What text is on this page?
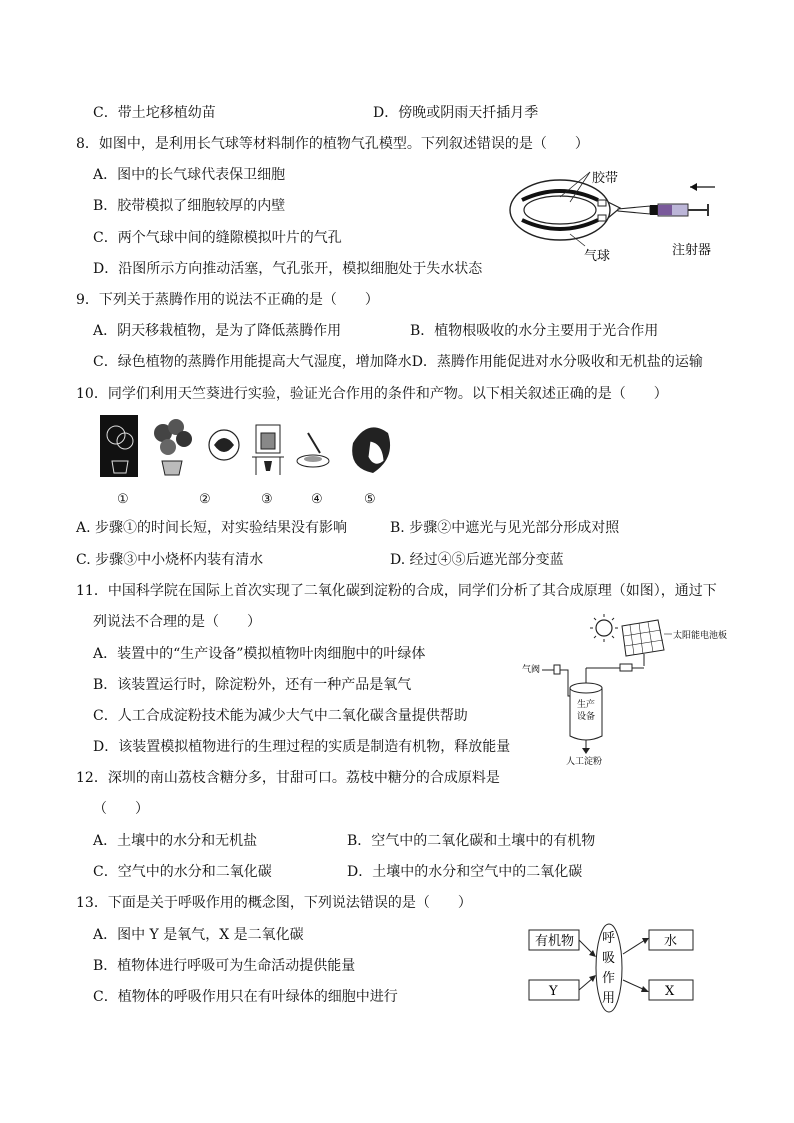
C．带土坨移植幼苗	D．傍晚或阴雨天扦插月季
8．如图中，是利用长气球等材料制作的植物气孔模型。下列叙述错误的是（　　）
A．图中的长气球代表保卫细胞
B．胶带模拟了细胞较厚的内壁
C．两个气球中间的缝隙模拟叶片的气孔
D．沿图所示方向推动活塞，气孔张开，模拟细胞处于失水状态
胶带
气球	注射器
9．下列关于蒸腾作用的说法不正确的是（　　）
A．阴天移栽植物，是为了降低蒸腾作用	B．植物根吸收的水分主要用于光合作用
C．绿色植物的蒸腾作用能提高大气湿度，增加降水D．蒸腾作用能促进对水分吸收和无机盐的运输
10．同学们利用天竺葵进行实验，验证光合作用的条件和产物。以下相关叙述正确的是（　　）
①	②	③	④	⑤
A. 步骤①的时间长短，对实验结果没有影响	B. 步骤②中遮光与见光部分形成对照
C. 步骤③中小烧杯内装有清水	D. 经过④⑤后遮光部分变蓝
11．中国科学院在国际上首次实现了二氧化碳到淀粉的合成，同学们分析了其合成原理（如图），通过下
列说法不合理的是（　　）
A．装置中的“生产设备”模拟植物叶肉细胞中的叶绿体
B．该装置运行时，除淀粉外，还有一种产品是氧气
C．人工合成淀粉技术能为减少大气中二氧化碳含量提供帮助
D．该装置模拟植物进行的生理过程的实质是制造有机物，释放能量
太阳能电池板
气阀
生产
设备
人工淀粉
12．深圳的南山荔枝含糖分多，甘甜可口。荔枝中糖分的合成原料是
（　　）
A．土壤中的水分和无机盐	B．空气中的二氧化碳和土壤中的有机物
C．空气中的水分和二氧化碳	D．土壤中的水分和空气中的二氧化碳
13．下面是关于呼吸作用的概念图，下列说法错误的是（　　）
A．图中 Y 是氧气，X 是二氧化碳
B．植物体进行呼吸可为生命活动提供能量
C．植物体的呼吸作用只在有叶绿体的细胞中进行
有机物
Y
呼
吸
作
用
水
X
